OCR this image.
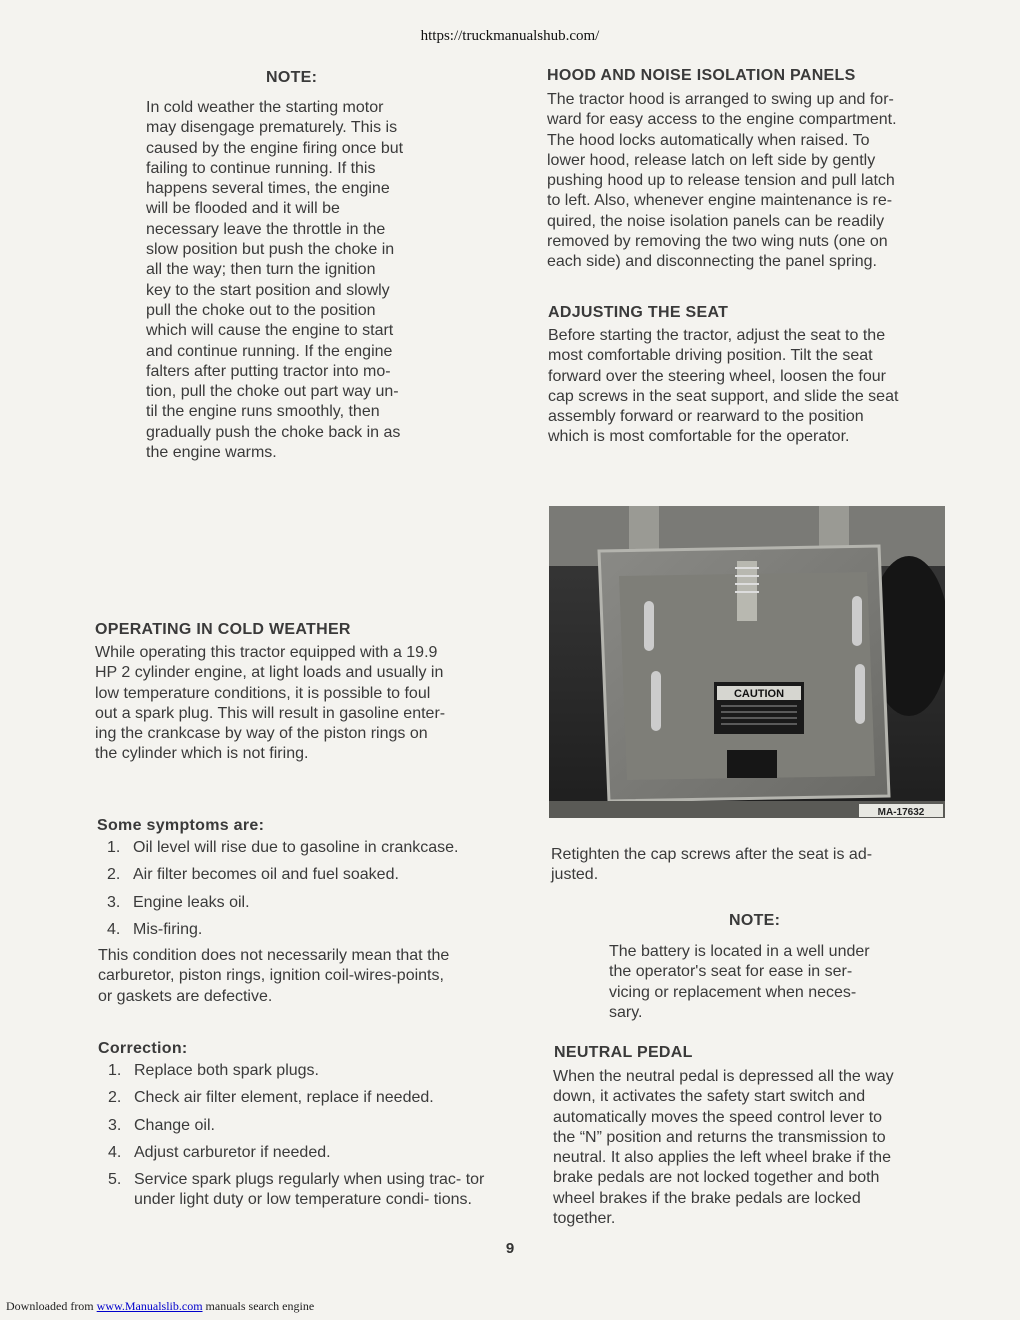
https://truckmanualshub.com/
NOTE:
In cold weather the starting motor
may disengage prematurely. This is
caused by the engine firing once but
failing to continue running. If this
happens several times, the engine
will be flooded and it will be
necessary leave the throttle in the
slow position but push the choke in
all the way; then turn the ignition
key to the start position and slowly
pull the choke out to the position
which will cause the engine to start
and continue running. If the engine
falters after putting tractor into mo-
tion, pull the choke out part way un-
til the engine runs smoothly, then
gradually push the choke back in as
the engine warms.
OPERATING IN COLD WEATHER
While operating this tractor equipped with a 19.9
HP 2 cylinder engine, at light loads and usually in
low temperature conditions, it is possible to foul
out a spark plug. This will result in gasoline enter-
ing the crankcase by way of the piston rings on
the cylinder which is not firing.
Some symptoms are:
1. Oil level will rise due to gasoline in crankcase.
2. Air filter becomes oil and fuel soaked.
3. Engine leaks oil.
4. Mis-firing.
This condition does not necessarily mean that the
carburetor, piston rings, ignition coil-wires-points,
or gaskets are defective.
Correction:
1. Replace both spark plugs.
2. Check air filter element, replace if needed.
3. Change oil.
4. Adjust carburetor if needed.
5. Service spark plugs regularly when using trac- tor under light duty or low temperature condi- tions.
HOOD AND NOISE ISOLATION PANELS
The tractor hood is arranged to swing up and for-
ward for easy access to the engine compartment.
The hood locks automatically when raised. To
lower hood, release latch on left side by gently
pushing hood up to release tension and pull latch
to left. Also, whenever engine maintenance is re-
quired, the noise isolation panels can be readily
removed by removing the two wing nuts (one on
each side) and disconnecting the panel spring.
ADJUSTING THE SEAT
Before starting the tractor, adjust the seat to the
most comfortable driving position. Tilt the seat
forward over the steering wheel, loosen the four
cap screws in the seat support, and slide the seat
assembly forward or rearward to the position
which is most comfortable for the operator.
CAUTION
MA-17632
Retighten the cap screws after the seat is ad-
justed.
NOTE:
The battery is located in a well under
the operator's seat for ease in ser-
vicing or replacement when neces-
sary.
NEUTRAL PEDAL
When the neutral pedal is depressed all the way
down, it activates the safety start switch and
automatically moves the speed control lever to
the “N” position and returns the transmission to
neutral. It also applies the left wheel brake if the
brake pedals are not locked together and both
wheel brakes if the brake pedals are locked
together.
9
Downloaded from www.Manualslib.com manuals search engine
